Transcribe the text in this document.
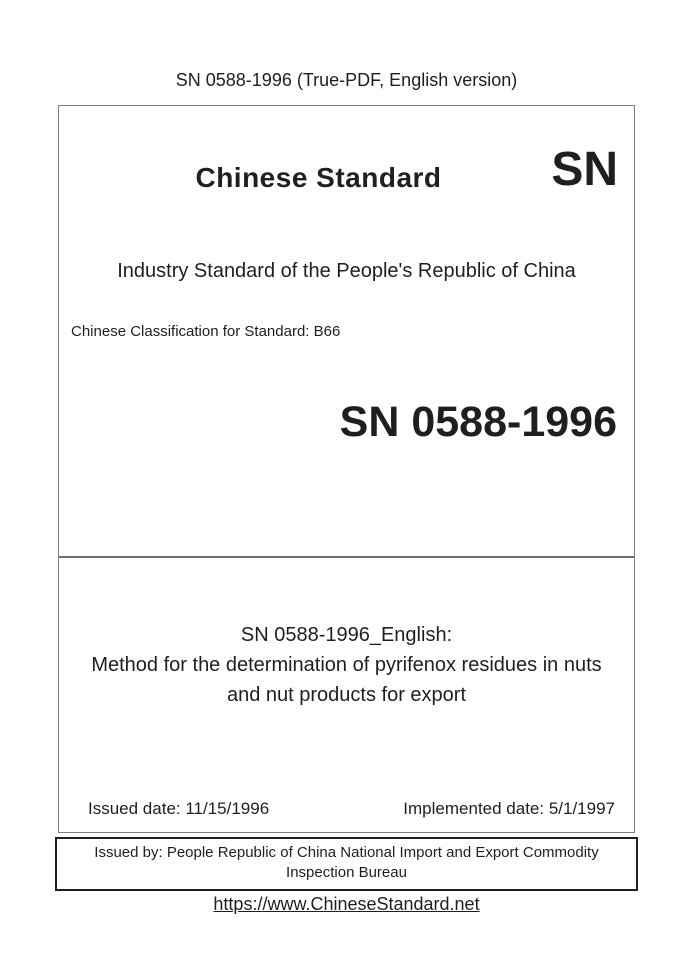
SN 0588-1996 (True-PDF, English version)
Chinese Standard	SN
Industry Standard of the People's Republic of China
Chinese Classification for Standard: B66
SN 0588-1996
SN 0588-1996_English:
Method for the determination of pyrifenox residues in nuts and nut products for export
Issued date: 11/15/1996	Implemented date: 5/1/1997
Issued by: People Republic of China National Import and Export Commodity Inspection Bureau
https://www.ChineseStandard.net
